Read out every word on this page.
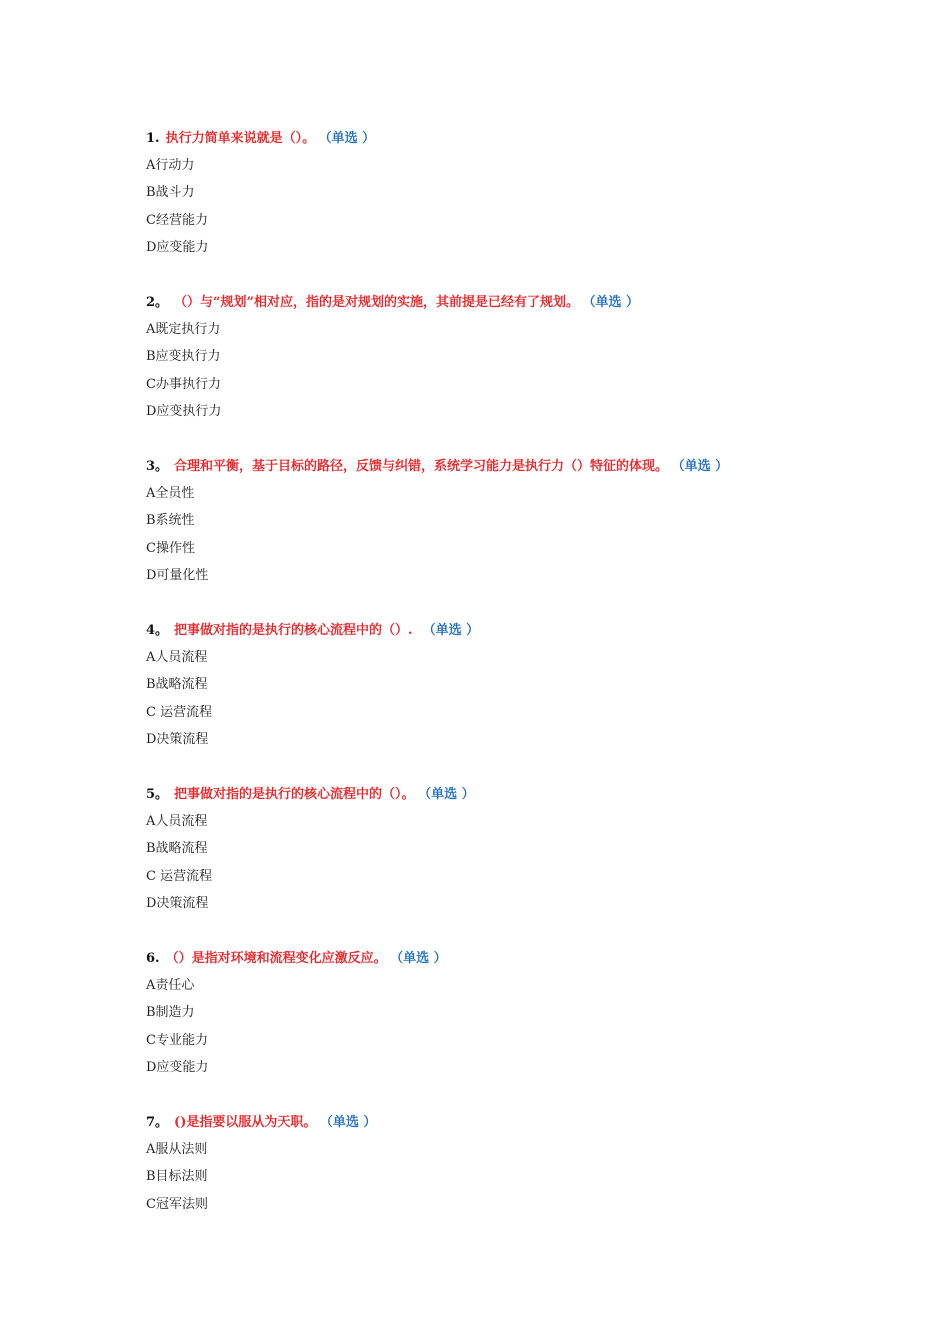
1. 执行力简单来说就是（）。 （单选 ）
A行动力
B战斗力
C经营能力
D应变能力
2。 （）与“规划”相对应，指的是对规划的实施，其前提是已经有了规划。 （单选 ）
A既定执行力
B应变执行力
C办事执行力
D应变执行力
3。 合理和平衡，基于目标的路径，反馈与纠错，系统学习能力是执行力（）特征的体现。 （单选 ）
A全员性
B系统性
C操作性
D可量化性
4。 把事做对指的是执行的核心流程中的（）. （单选 ）
A人员流程
B战略流程
C 运营流程
D决策流程
5。 把事做对指的是执行的核心流程中的（）。 （单选 ）
A人员流程
B战略流程
C 运营流程
D决策流程
6. （）是指对环境和流程变化应激反应。 （单选 ）
A责任心
B制造力
C专业能力
D应变能力
7。 ()是指要以服从为天职。 （单选 ）
A服从法则
B目标法则
C冠军法则
